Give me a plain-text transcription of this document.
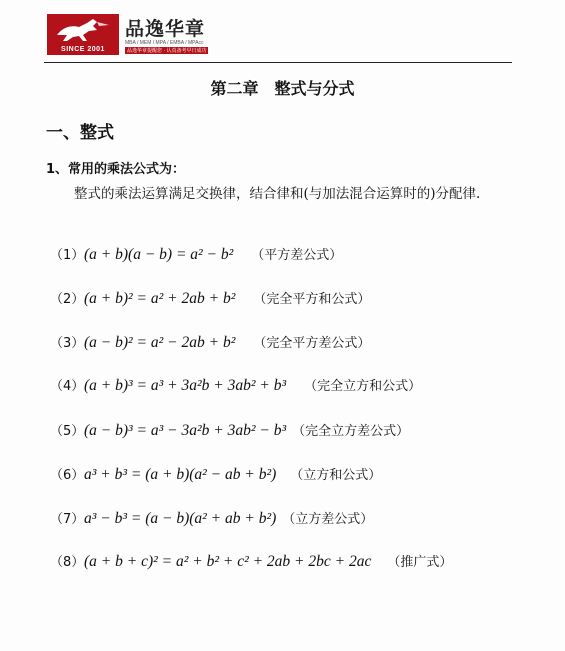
SINCE 2001
品逸华章
MBA / MEM / MPA / EMBA / MPAcc
品逸华章提醒您 · 认真备考早日成功
第二章 整式与分式
一、整式
1、常用的乘法公式为：
整式的乘法运算满足交换律，结合律和(与加法混合运算时的)分配律.
（1） (a + b)(a − b) = a² − b² （平方差公式）
（2） (a + b)² = a² + 2ab + b² （完全平方和公式）
（3） (a − b)² = a² − 2ab + b² （完全平方差公式）
（4） (a + b)³ = a³ + 3a²b + 3ab² + b³ （完全立方和公式）
（5） (a − b)³ = a³ − 3a²b + 3ab² − b³ （完全立方差公式）
（6） a³ + b³ = (a + b)(a² − ab + b²) （立方和公式）
（7） a³ − b³ = (a − b)(a² + ab + b²) （立方差公式）
（8） (a + b + c)² = a² + b² + c² + 2ab + 2bc + 2ac （推广式）
